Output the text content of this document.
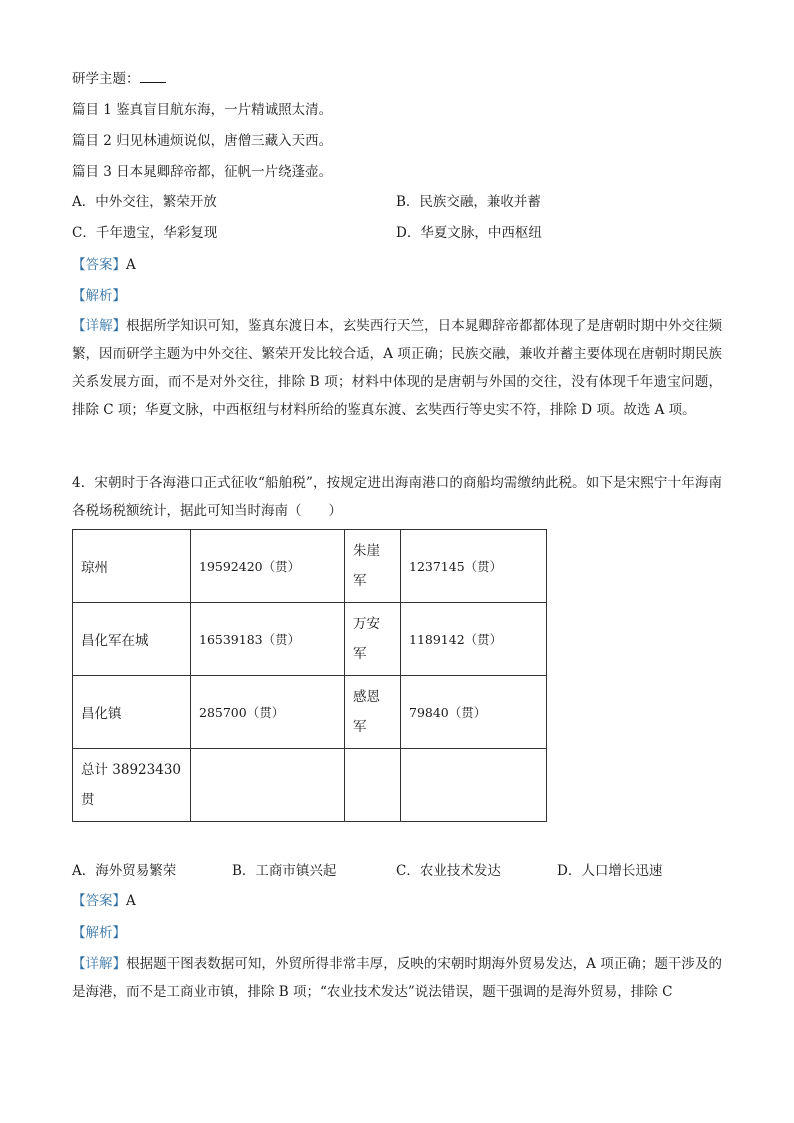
研学主题：
篇目 1 鉴真盲目航东海，一片精诚照太清。
篇目 2 归见林逋烦说似，唐僧三藏入天西。
篇目 3 日本晁卿辞帝都，征帆一片绕蓬壶。
A．中外交往，繁荣开放	B．民族交融，兼收并蓄
C．千年遗宝，华彩复现	D．华夏文脉，中西枢纽
【答案】A
【解析】
【详解】根据所学知识可知，鉴真东渡日本，玄奘西行天竺，日本晁卿辞帝都都体现了是唐朝时期中外交往频繁，因而研学主题为中外交往、繁荣开发比较合适，A 项正确；民族交融，兼收并蓄主要体现在唐朝时期民族关系发展方面，而不是对外交往，排除 B 项；材料中体现的是唐朝与外国的交往，没有体现千年遗宝问题，排除 C 项；华夏文脉，中西枢纽与材料所给的鉴真东渡、玄奘西行等史实不符，排除 D 项。故选 A 项。
4．宋朝时于各海港口正式征收“船舶税”，按规定进出海南港口的商船均需缴纳此税。如下是宋熙宁十年海南各税场税额统计，据此可知当时海南（　　）
琼州	19592420（贯）	朱崖军	1237145（贯）
昌化军在城	16539183（贯）	万安军	1189142（贯）
昌化镇	285700（贯）	感恩军	79840（贯）
总计 38923430 贯			
A．海外贸易繁荣	B．工商市镇兴起	C．农业技术发达	D．人口增长迅速
【答案】A
【解析】
【详解】根据题干图表数据可知，外贸所得非常丰厚，反映的宋朝时期海外贸易发达，A 项正确；题干涉及的是海港，而不是工商业市镇，排除 B 项；“农业技术发达”说法错误，题干强调的是海外贸易，排除 C
